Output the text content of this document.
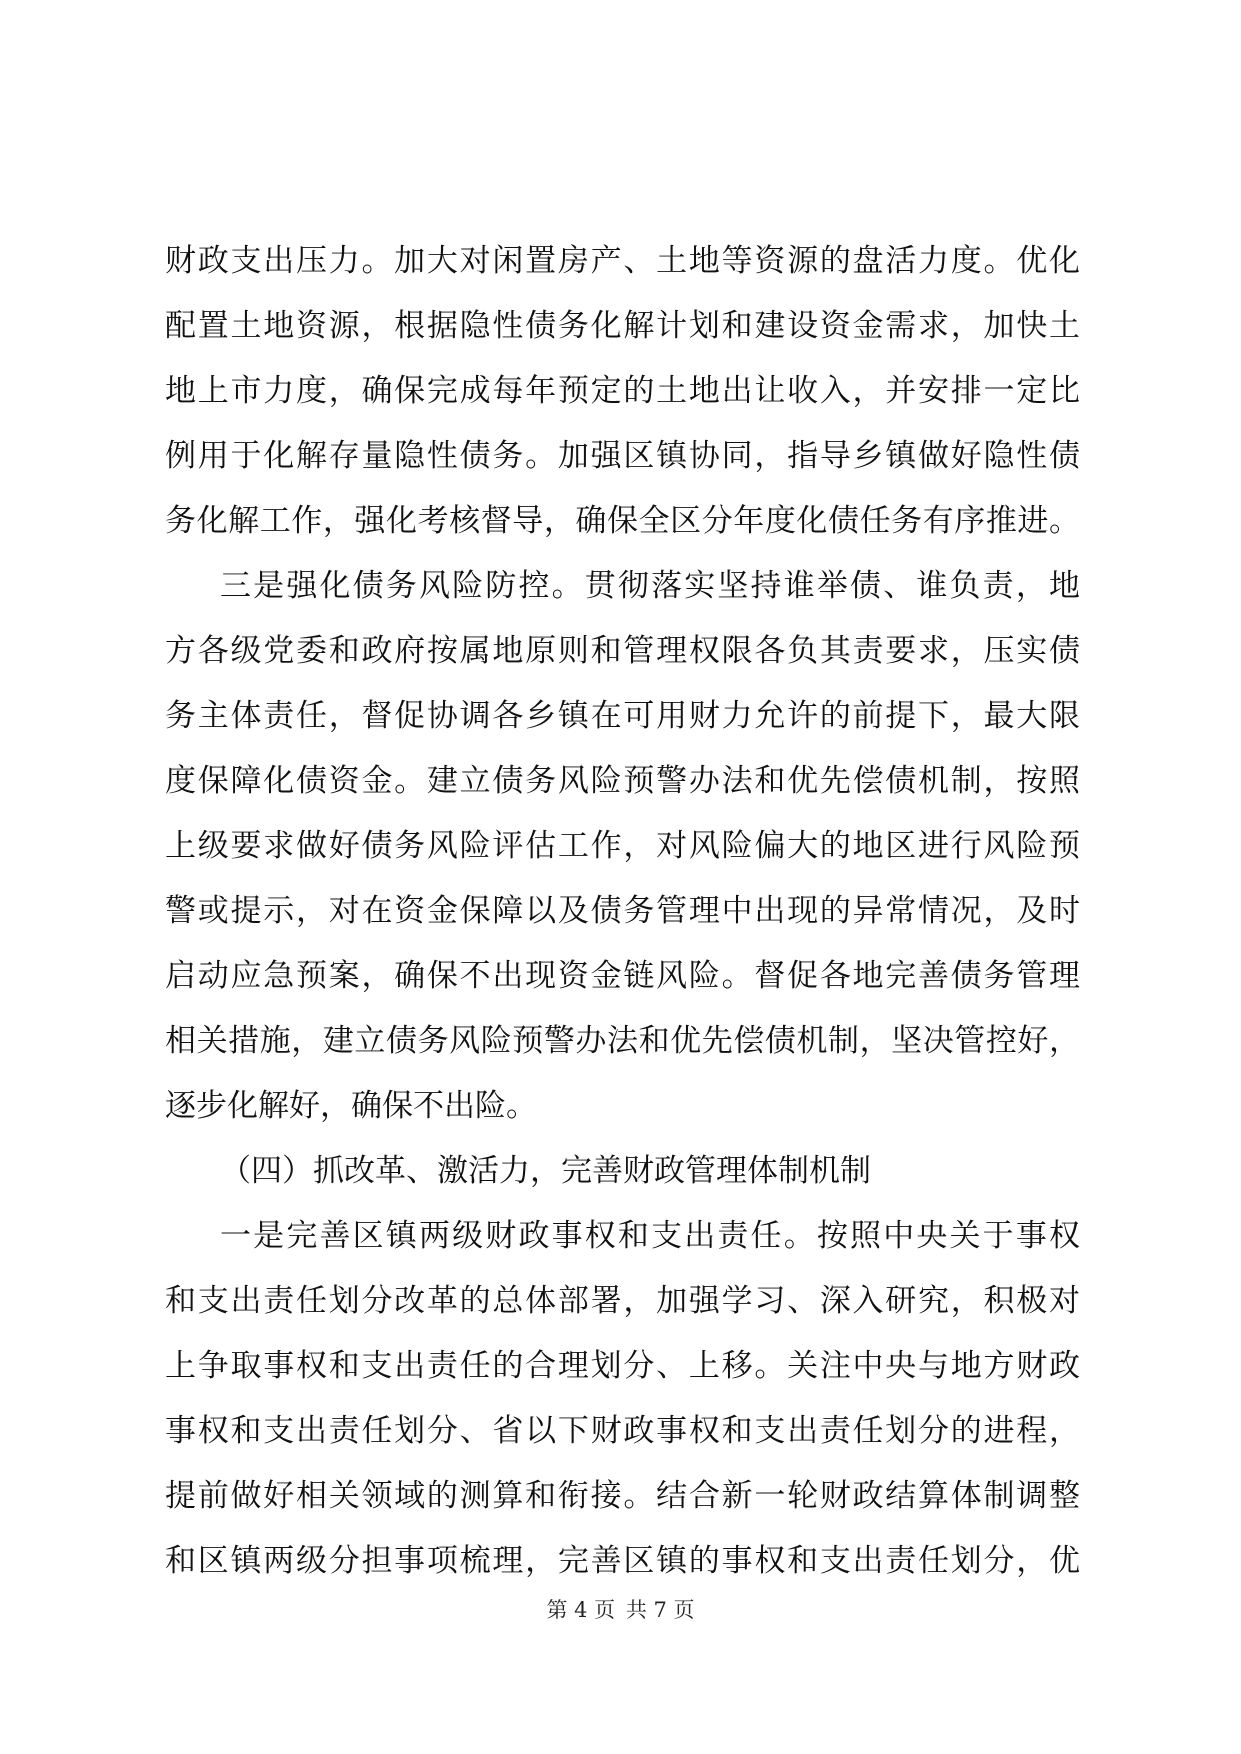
财政支出压力。加大对闲置房产、土地等资源的盘活力度。优化
配置土地资源，根据隐性债务化解计划和建设资金需求，加快土
地上市力度，确保完成每年预定的土地出让收入，并安排一定比
例用于化解存量隐性债务。加强区镇协同，指导乡镇做好隐性债
务化解工作，强化考核督导，确保全区分年度化债任务有序推进。
三是强化债务风险防控。贯彻落实坚持谁举债、谁负责，地
方各级党委和政府按属地原则和管理权限各负其责要求，压实债
务主体责任，督促协调各乡镇在可用财力允许的前提下，最大限
度保障化债资金。建立债务风险预警办法和优先偿债机制，按照
上级要求做好债务风险评估工作，对风险偏大的地区进行风险预
警或提示，对在资金保障以及债务管理中出现的异常情况，及时
启动应急预案，确保不出现资金链风险。督促各地完善债务管理
相关措施，建立债务风险预警办法和优先偿债机制，坚决管控好，
逐步化解好，确保不出险。
（四）抓改革、激活力，完善财政管理体制机制
一是完善区镇两级财政事权和支出责任。按照中央关于事权
和支出责任划分改革的总体部署，加强学习、深入研究，积极对
上争取事权和支出责任的合理划分、上移。关注中央与地方财政
事权和支出责任划分、省以下财政事权和支出责任划分的进程，
提前做好相关领域的测算和衔接。结合新一轮财政结算体制调整
和区镇两级分担事项梳理，完善区镇的事权和支出责任划分，优
第 4 页 共 7 页
